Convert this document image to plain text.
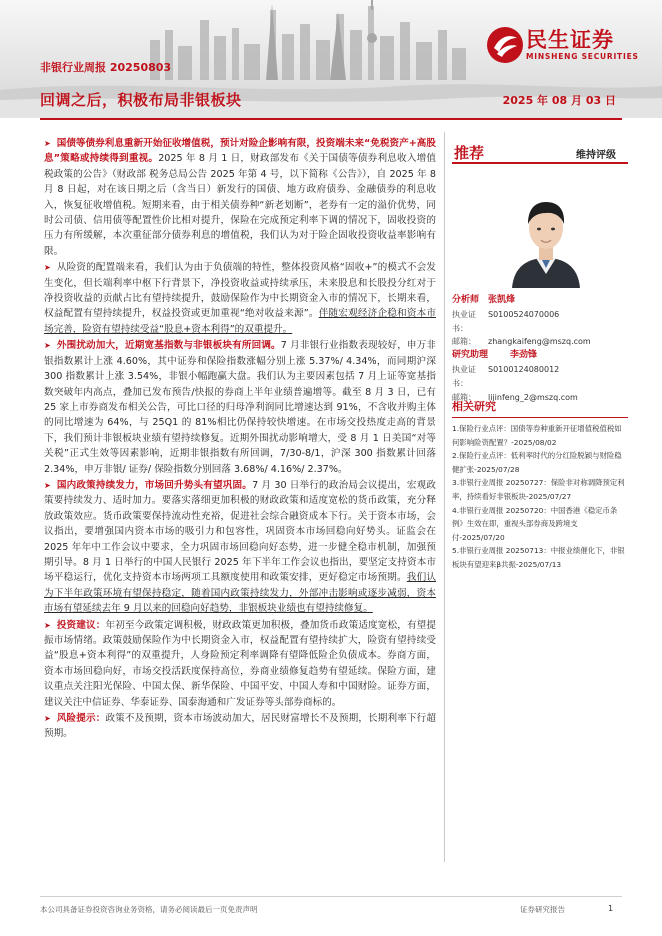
民生证券
MINSHENG SECURITIES
非银行业周报 20250803
回调之后，积极布局非银板块	2025 年 08 月 03 日

➤ 国债等债券利息重新开始征收增值税，预计对险企影响有限，投资端未来“免税资产+高股息”策略或持续得到重视。2025 年 8 月 1 日，财政部发布《关于国债等债券利息收入增值税政策的公告》（财政部 税务总局公告 2025 年第 4 号，以下简称《公告》），自 2025 年 8 月 8 日起，对在该日期之后（含当日）新发行的国债、地方政府债券、金融债券的利息收入，恢复征收增值税。短期来看，由于相关债券种“新老划断”，老券有一定的溢价优势，同时公司债、信用债等配置性价比相对提升，保险在完成预定利率下调的情况下，固收投资的压力有所缓解，本次重征部分债券利息的增值税，我们认为对于险企固收投资收益率影响有限。

➤ 从险资的配置端来看，我们认为由于负债端的特性，整体投资风格“固收+”的模式不会发生变化，但长端利率中枢下行背景下，净投资收益或持续承压，未来股息和长股投分红对于净投资收益的贡献占比有望持续提升，鼓励保险作为中长期资金入市的情况下，长期来看，权益配置有望持续提升，权益投资或更加重视“绝对收益来源”。伴随宏观经济企稳和资本市场完善，险资有望持续受益“股息+资本利得”的双重提升。

➤ 外围扰动加大，近期宽基指数与非银板块有所回调。7 月非银行业指数表现较好，申万非银指数累计上涨 4.60%，其中证券和保险指数涨幅分别上涨 5.37%/ 4.34%，而同期沪深 300 指数累计上涨 3.54%，非银小幅跑赢大盘。我们认为主要因素包括 7 月上证等宽基指数突破年内高点，叠加已发布预告/快报的券商上半年业绩普遍增等。截至 8 月 3 日，已有 25 家上市券商发布相关公告，可比口径的归母净利润同比增速达到 91%，不含收并购主体的同比增速为 64%，与 25Q1 的 81%相比仍保持较快增速。在市场交投热度走高的背景下，我们预计非银板块业绩有望持续修复。近期外围扰动影响增大，受 8 月 1 日美国“对等关税”正式生效等因素影响，近期非银指数有所回调，7/30-8/1，沪深 300 指数累计回落 2.34%，申万非银/ 证券/ 保险指数分别回落 3.68%/ 4.16%/ 2.37%。

➤ 国内政策持续发力，市场回升势头有望巩固。7 月 30 日举行的政治局会议提出，宏观政策要持续发力、适时加力。要落实落细更加积极的财政政策和适度宽松的货币政策，充分释放政策效应。货币政策要保持流动性充裕，促进社会综合融资成本下行。关于资本市场，会议指出，要增强国内资本市场的吸引力和包容性，巩固资本市场回稳向好势头。证监会在 2025 年年中工作会议中要求，全力巩固市场回稳向好态势，进一步健全稳市机制，加强预期引导。8 月 1 日举行的中国人民银行 2025 年下半年工作会议也指出，要坚定支持资本市场平稳运行，优化支持资本市场两项工具额度使用和政策安排，更好稳定市场预期。我们认为下半年政策环境有望保持稳定，随着国内政策持续发力，外部冲击影响或逐步减弱，资本市场有望延续去年 9 月以来的回稳向好趋势，非银板块业绩也有望持续修复。

➤ 投资建议：年初至今政策定调积极，财政政策更加积极，叠加货币政策适度宽松，有望提振市场情绪。政策鼓励保险作为中长期资金入市，权益配置有望持续扩大，险资有望持续受益“股息+资本利得”的双重提升，人身险预定利率调降有望降低险企负债成本。券商方面，资本市场回稳向好，市场交投活跃度保持高位，券商业绩修复趋势有望延续。保险方面，建议重点关注阳光保险、中国太保、新华保险、中国平安、中国人寿和中国财险。证券方面，建议关注中信证券、华泰证券、国泰海通和广发证券等头部券商标的。

➤ 风险提示：政策不及预期，资本市场波动加大，居民财富增长不及预期，长期利率下行超预期。

推荐	维持评级
分析师 张凯烽
执业证书：
S0100524070006
邮箱：	zhangkaifeng@mszq.com
研究助理	李劲锋
执业证书：
S0100124080012
邮箱：	lijinfeng_2@mszq.com
相关研究
1.保险行业点评：国债等券种重新开征增值税值税如何影响险资配置？-2025/08/02
2.保险行业点评：低利率时代的分红险脱颖与财险稳健扩张-2025/07/28
3.非银行业周报 20250727：保险非对称调降预定利率，持续看好非银板块-2025/07/27
4.非银行业周报 20250720：中国香港《稳定币条例》生效在即，重视头部券商及跨境支付-2025/07/20
5.非银行业周报 20250713：中报业绩催化下，非银板块有望迎来β共振-2025/07/13
本公司具备证券投资咨询业务资格，请务必阅读最后一页免责声明	证券研究报告	1
